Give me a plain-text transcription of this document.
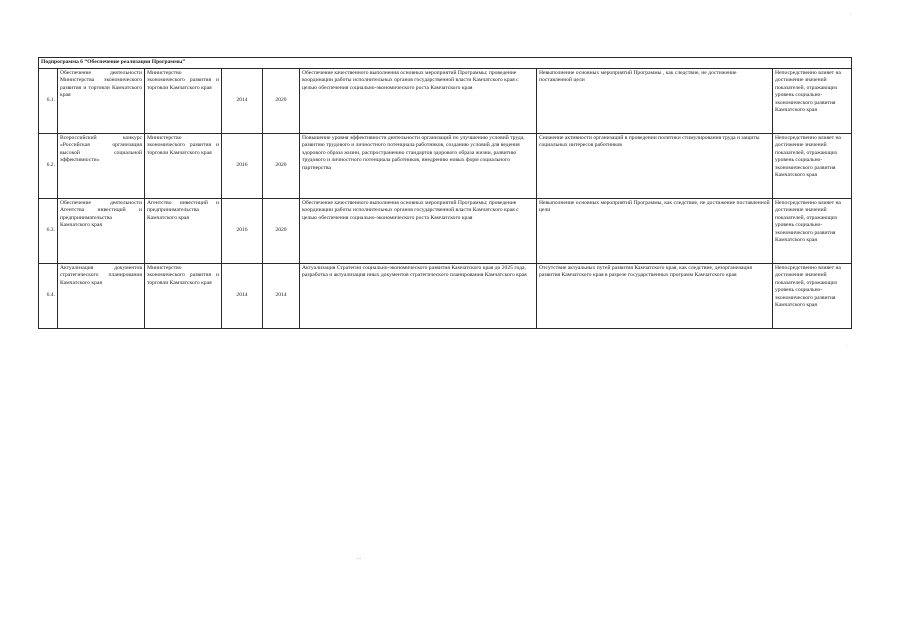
Подпрограмма 6 “Обеспечение реализации Программы”							
6.1.	Обеспечение деятельности Министерства экономического развития и торговли Камчатского края	Министерство экономического развития и торговли Камчатского края	2014	2020	Обеспечение качественного выполнения основных мероприятий Программы; проведение координации работы исполнительных органов государственной власти Камчатского края с целью обеспечения социально-экономического роста Камчатского края	Невыполнение основных мероприятий Программы , как следствие, не достижение поставленной цели	Непосредственно влияет на достижение значений показателей, отражающих уровень социально-экономического развития Камчатского края
6.2.	Всероссийский конкурс «Российская организация высокой социальной эффективности»	Министерство экономического развития и торговли Камчатского края	2016	2020	Повышение уровня эффективности деятельности организаций по улучшению условий труда, развитию трудового и личностного потенциала работников, созданию условий для ведения здорового образа жизни, распространению стандартов здорового образа жизни, развитию трудового и личностного потенциала работников, внедрению новых форм социального партнерства	Снижение активности организаций в проведении политики стимулирования труда и защиты социальных интересов работников	Непосредственно влияет на достижение значений показателей, отражающих уровень социально-экономического развития Камчатского края
6.3.	Обеспечение деятельности Агентства инвестиций и предпринимательства Камчатского края	Агентство инвестиций и предпринимательства Камчатского края	2016	2020	Обеспечение качественного выполнения основных мероприятий Программы; проведение координации работы исполнительных органов государственной власти Камчатского края с целью обеспечения социально-экономического роста Камчатского края	Невыполнение основных мероприятий Программы, как следствие, не достижение поставленной цели	Непосредственно влияет на достижение значений показателей, отражающих уровень социально-экономического развития Камчатского края
6.4.	Актуализация документов стратегического планирования Камчатского края	Министерство экономического развития и торговли Камчатского края	2014	2014	Актуализация Стратегии социально-экономического развития Камчатского края до 2025 года, разработка и актуализация иных документов стратегического планирования Камчатского края	Отсутствие актуальных путей развития Камчатского края, как следствие, дезорганизация развития Камчатского края в разрезе государственных программ Камчатского края	Непосредственно влияет на достижение значений показателей, отражающих уровень социально-экономического развития Камчатского края
·
·
···
